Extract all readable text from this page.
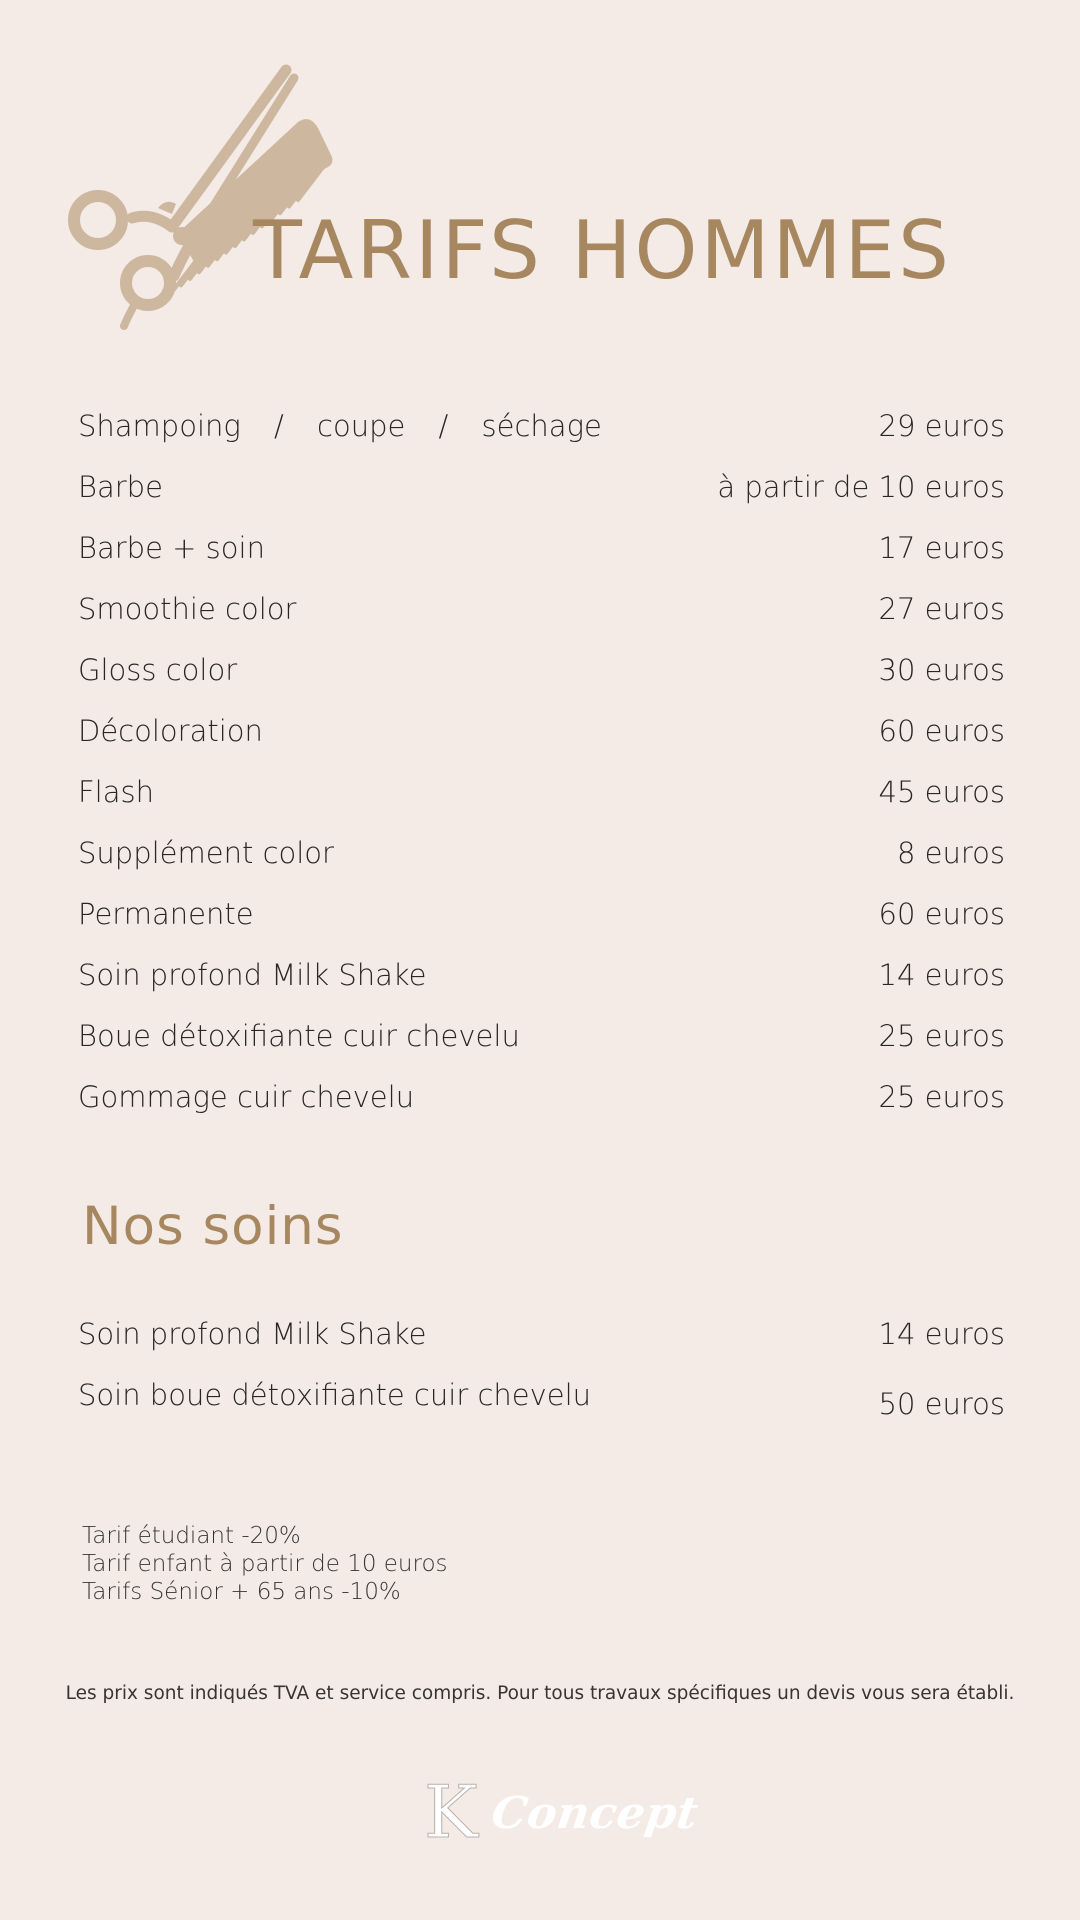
TARIFS HOMMES
Shampoing / coupe / séchage	29 euros
Barbe	à partir de 10 euros
Barbe + soin	17 euros
Smoothie color	27 euros
Gloss color	30 euros
Décoloration	60 euros
Flash	45 euros
Supplément color	8 euros
Permanente	60 euros
Soin profond Milk Shake	14 euros
Boue détoxifiante cuir chevelu	25 euros
Gommage cuir chevelu	25 euros
Nos soins
Soin profond Milk Shake	14 euros
Soin boue détoxifiante cuir chevelu	50 euros
Tarif étudiant -20%
Tarif enfant à partir de 10 euros
Tarifs Sénior + 65 ans -10%

Les prix sont indiqués TVA et service compris. Pour tous travaux spécifiques un devis vous sera établi.

K Concept
